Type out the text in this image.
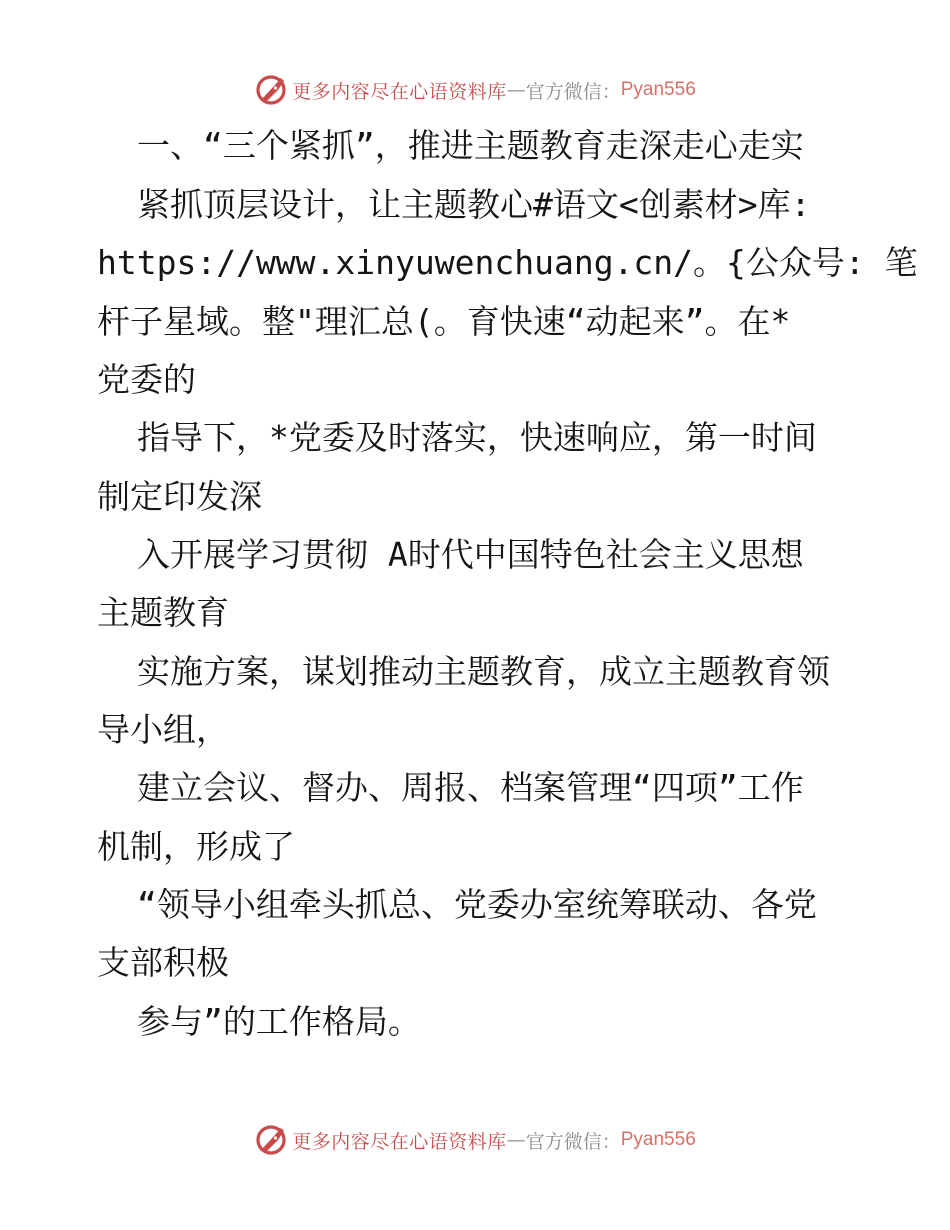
更多内容尽在心语资料库 — 官方微信： Pyan556
一、“三个紧抓”，推进主题教育走深走心走实
紧抓顶层设计，让主题教心#语文<创素材>库:
https://www.xinyuwenchuang.cn/。{公众号: 笔
杆子星域。整"理汇总(。育快速“动起来”。在*
党委的
指导下，*党委及时落实，快速响应，第一时间
制定印发深
入开展学习贯彻 A时代中国特色社会主义思想
主题教育
实施方案，谋划推动主题教育，成立主题教育领
导小组，
建立会议、督办、周报、档案管理“四项”工作
机制，形成了
“领导小组牵头抓总、党委办室统筹联动、各党
支部积极
参与”的工作格局。
更多内容尽在心语资料库 — 官方微信： Pyan556
